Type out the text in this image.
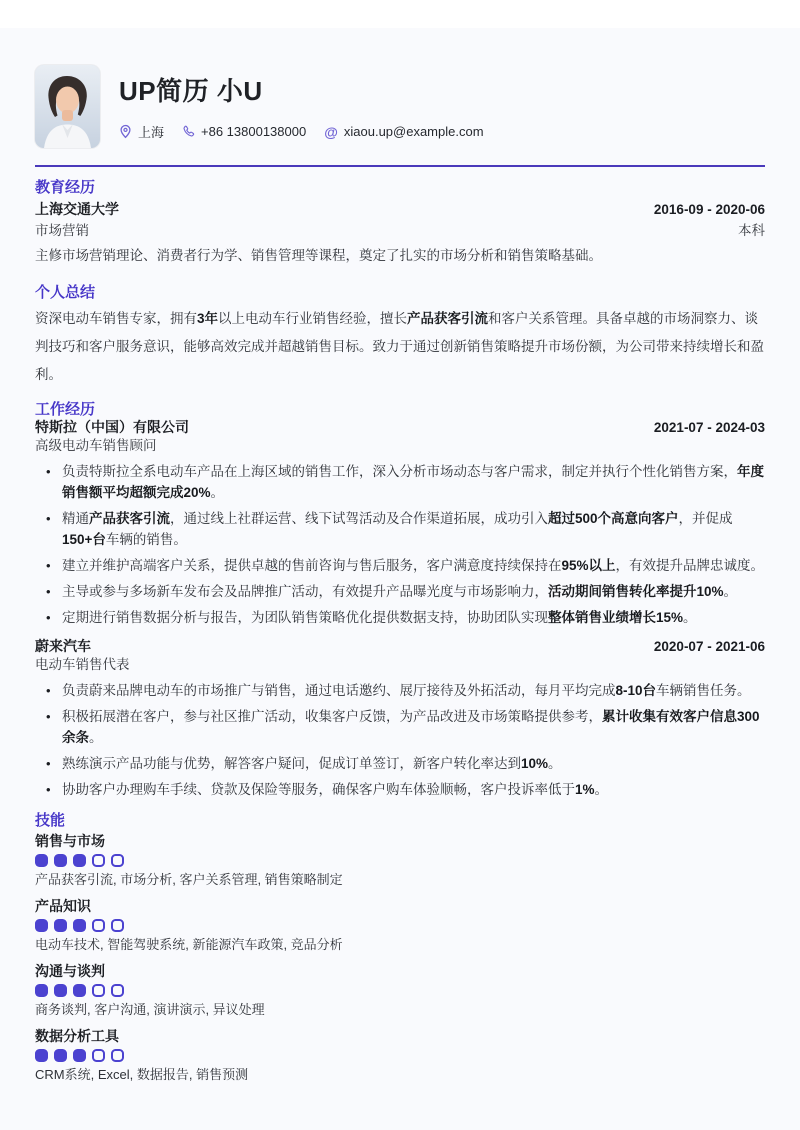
UP简历 小U
上海	+86 13800138000 @ xiaou.up@example.com
教育经历
上海交通大学	2016-09 - 2020-06
市场营销	本科
主修市场营销理论、消费者行为学、销售管理等课程，奠定了扎实的市场分析和销售策略基础。
个人总结
资深电动车销售专家，拥有3年以上电动车行业销售经验，擅长产品获客引流和客户关系管理。具备卓越的市场洞察力、谈判技巧和客户服务意识，能够高效完成并超越销售目标。致力于通过创新销售策略提升市场份额，为公司带来持续增长和盈利。
工作经历
特斯拉（中国）有限公司	2021-07 - 2024-03
高级电动车销售顾问
• 负责特斯拉全系电动车产品在上海区域的销售工作，深入分析市场动态与客户需求，制定并执行个性化销售方案，年度销售额平均超额完成20%。
• 精通产品获客引流，通过线上社群运营、线下试驾活动及合作渠道拓展，成功引入超过500个高意向客户，并促成150+台车辆的销售。
• 建立并维护高端客户关系，提供卓越的售前咨询与售后服务，客户满意度持续保持在95%以上，有效提升品牌忠诚度。
• 主导或参与多场新车发布会及品牌推广活动，有效提升产品曝光度与市场影响力，活动期间销售转化率提升10%。
• 定期进行销售数据分析与报告，为团队销售策略优化提供数据支持，协助团队实现整体销售业绩增长15%。
蔚来汽车	2020-07 - 2021-06
电动车销售代表
• 负责蔚来品牌电动车的市场推广与销售，通过电话邀约、展厅接待及外拓活动，每月平均完成8-10台车辆销售任务。
• 积极拓展潜在客户，参与社区推广活动，收集客户反馈，为产品改进及市场策略提供参考，累计收集有效客户信息300余条。
• 熟练演示产品功能与优势，解答客户疑问，促成订单签订，新客户转化率达到10%。
• 协助客户办理购车手续、贷款及保险等服务，确保客户购车体验顺畅，客户投诉率低于1%。
技能
销售与市场
产品获客引流, 市场分析, 客户关系管理, 销售策略制定
产品知识
电动车技术, 智能驾驶系统, 新能源汽车政策, 竞品分析
沟通与谈判
商务谈判, 客户沟通, 演讲演示, 异议处理
数据分析工具
CRM系统, Excel, 数据报告, 销售预测
